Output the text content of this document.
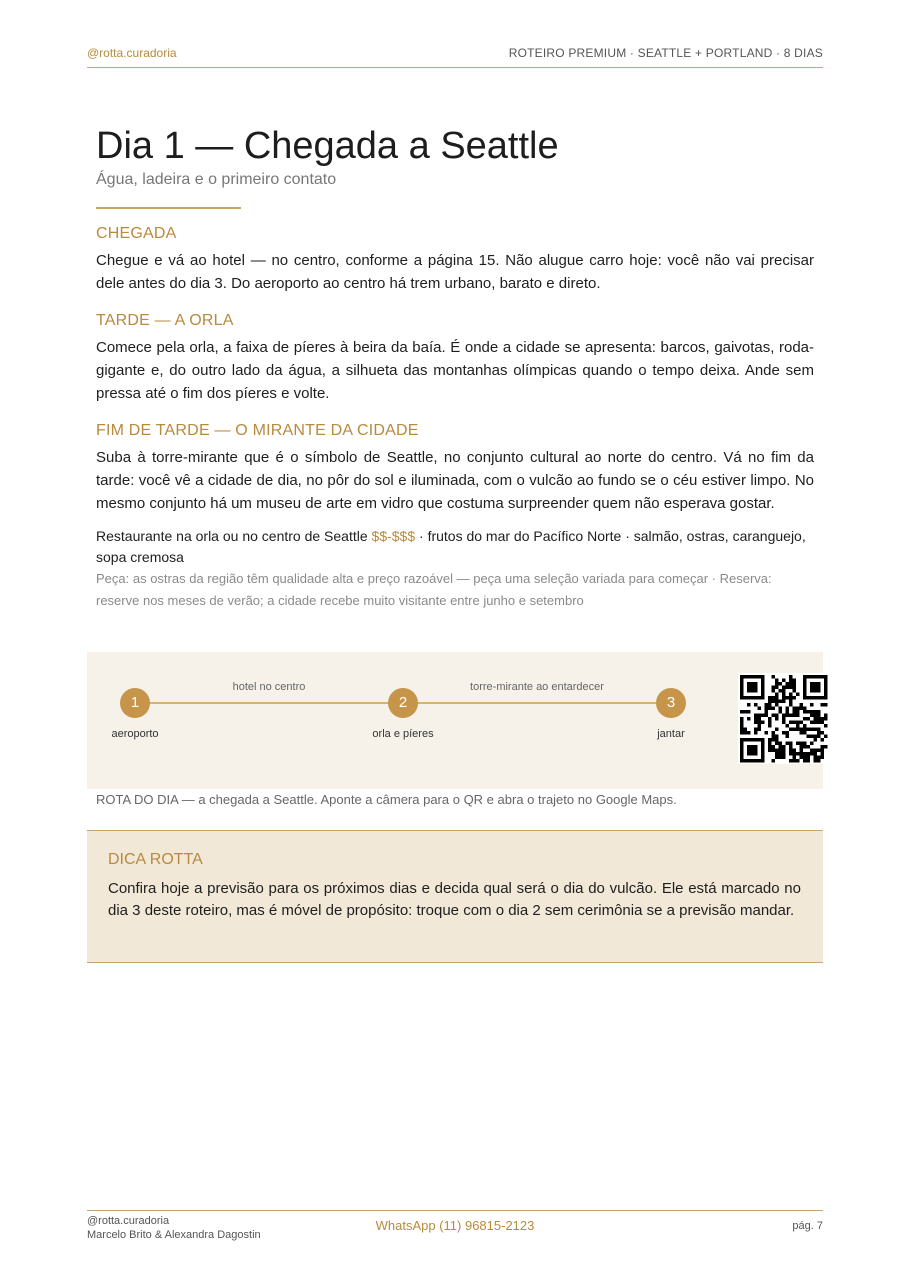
@rotta.curadoria	ROTEIRO PREMIUM · SEATTLE + PORTLAND · 8 DIAS
Dia 1 — Chegada a Seattle
Água, ladeira e o primeiro contato
CHEGADA
Chegue e vá ao hotel — no centro, conforme a página 15. Não alugue carro hoje: você não vai precisar dele antes do dia 3. Do aeroporto ao centro há trem urbano, barato e direto.
TARDE — A ORLA
Comece pela orla, a faixa de píeres à beira da baía. É onde a cidade se apresenta: barcos, gaivotas, roda-gigante e, do outro lado da água, a silhueta das montanhas olímpicas quando o tempo deixa. Ande sem pressa até o fim dos píeres e volte.
FIM DE TARDE — O MIRANTE DA CIDADE
Suba à torre-mirante que é o símbolo de Seattle, no conjunto cultural ao norte do centro. Vá no fim da tarde: você vê a cidade de dia, no pôr do sol e iluminada, com o vulcão ao fundo se o céu estiver limpo. No mesmo conjunto há um museu de arte em vidro que costuma surpreender quem não esperava gostar.
Restaurante na orla ou no centro de Seattle $$-$$$ · frutos do mar do Pacífico Norte · salmão, ostras, caranguejo, sopa cremosa
Peça: as ostras da região têm qualidade alta e preço razoável — peça uma seleção variada para começar · Reserva: reserve nos meses de verão; a cidade recebe muito visitante entre junho e setembro
hotel no centro	torre-mirante ao entardecer
1	2	3
aeroporto	orla e píeres	jantar
ROTA DO DIA — a chegada a Seattle. Aponte a câmera para o QR e abra o trajeto no Google Maps.
DICA ROTTA
Confira hoje a previsão para os próximos dias e decida qual será o dia do vulcão. Ele está marcado no dia 3 deste roteiro, mas é móvel de propósito: troque com o dia 2 sem cerimônia se a previsão mandar.
@rotta.curadoria
Marcelo Brito & Alexandra Dagostin
WhatsApp (11) 96815-2123	pág. 7
